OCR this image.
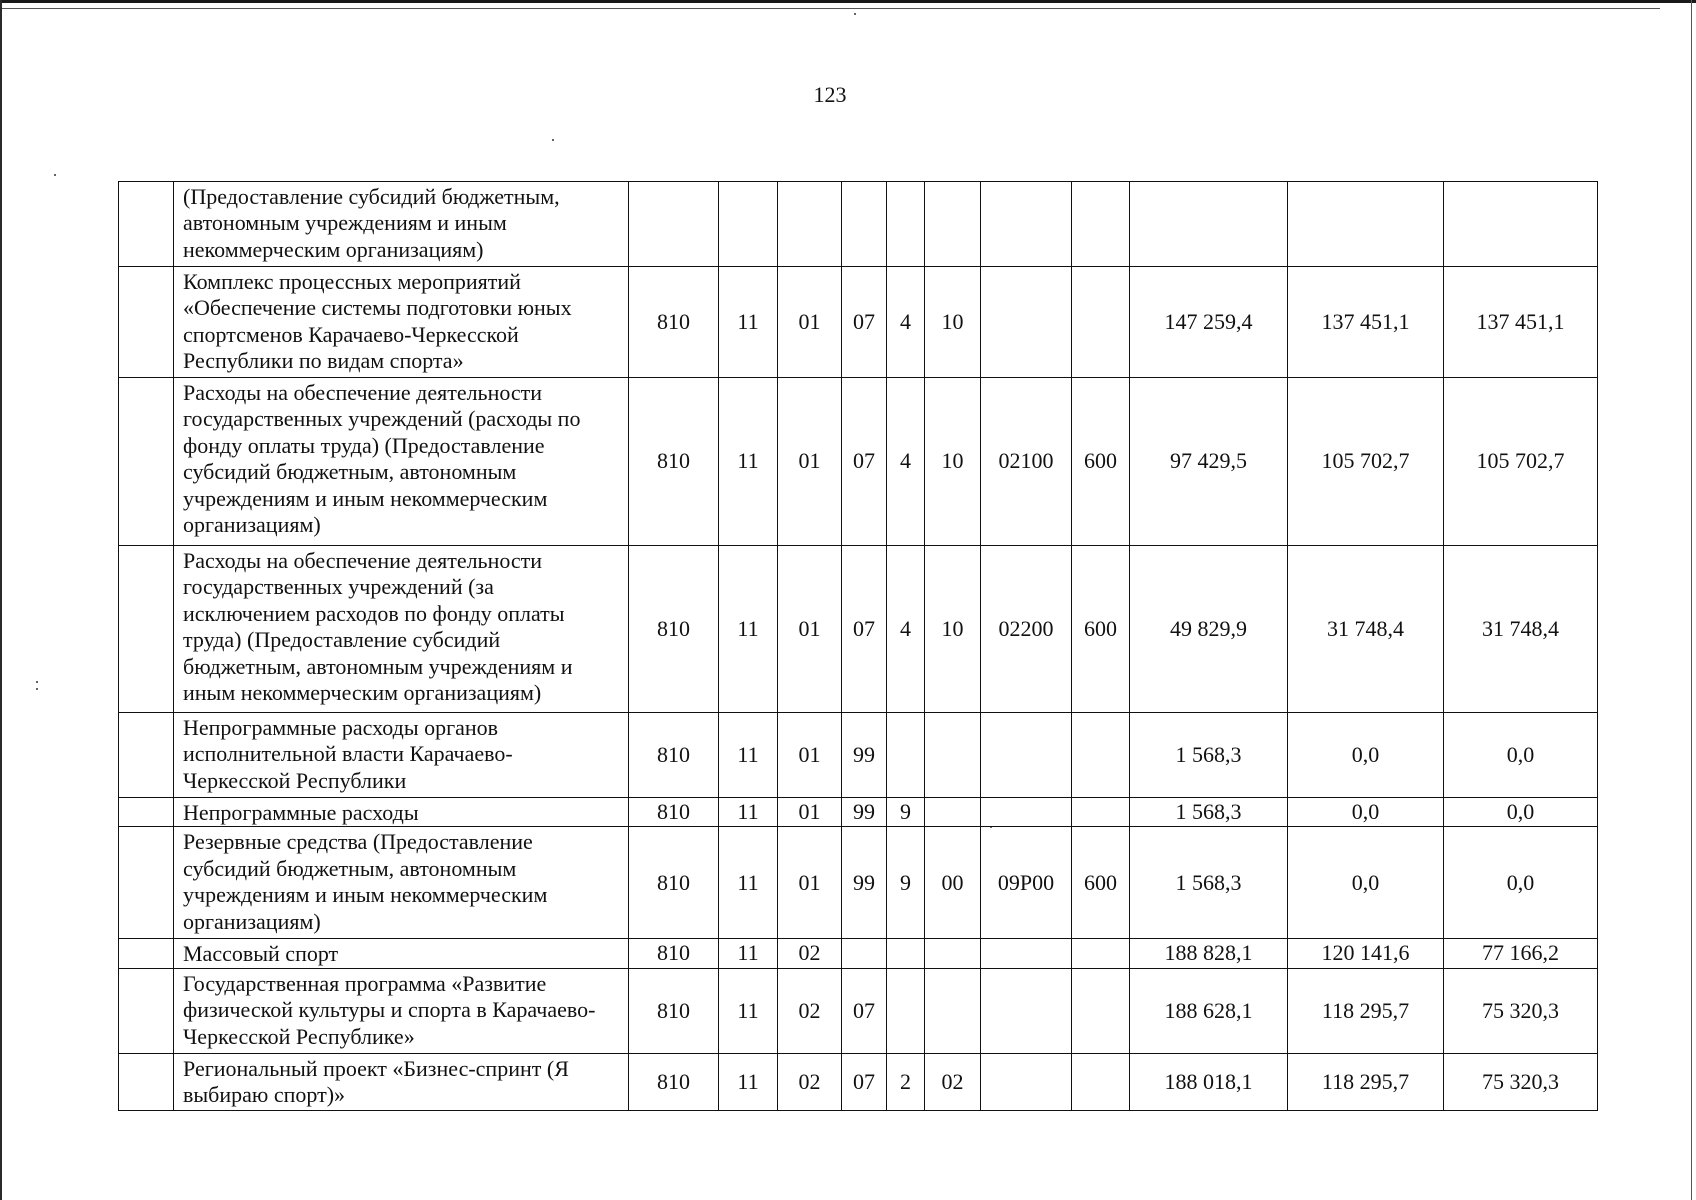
123
	(Предоставление субсидий бюджетным, автономным учреждениям и иным некоммерческим организациям)											
	Комплекс процессных мероприятий «Обеспечение системы подготовки юных спортсменов Карачаево-Черкесской Республики по видам спорта»	810	11	01	07	4	10			147 259,4	137 451,1	137 451,1
	Расходы на обеспечение деятельности государственных учреждений (расходы по фонду оплаты труда) (Предоставление субсидий бюджетным, автономным учреждениям и иным некоммерческим организациям)	810	11	01	07	4	10	02100	600	97 429,5	105 702,7	105 702,7
	Расходы на обеспечение деятельности государственных учреждений (за исключением расходов по фонду оплаты труда) (Предоставление субсидий бюджетным, автономным учреждениям и иным некоммерческим организациям)	810	11	01	07	4	10	02200	600	49 829,9	31 748,4	31 748,4
	Непрограммные расходы органов исполнительной власти Карачаево-Черкесской Республики	810	11	01	99					1 568,3	0,0	0,0
	Непрограммные расходы	810	11	01	99	9				1 568,3	0,0	0,0
	Резервные средства (Предоставление субсидий бюджетным, автономным учреждениям и иным некоммерческим организациям)	810	11	01	99	9	00	09Р00	600	1 568,3	0,0	0,0
	Массовый спорт	810	11	02						188 828,1	120 141,6	77 166,2
	Государственная программа «Развитие физической культуры и спорта в Карачаево-Черкесской Республике»	810	11	02	07					188 628,1	118 295,7	75 320,3
	Региональный проект «Бизнес-спринт (Я выбираю спорт)»	810	11	02	07	2	02			188 018,1	118 295,7	75 320,3
